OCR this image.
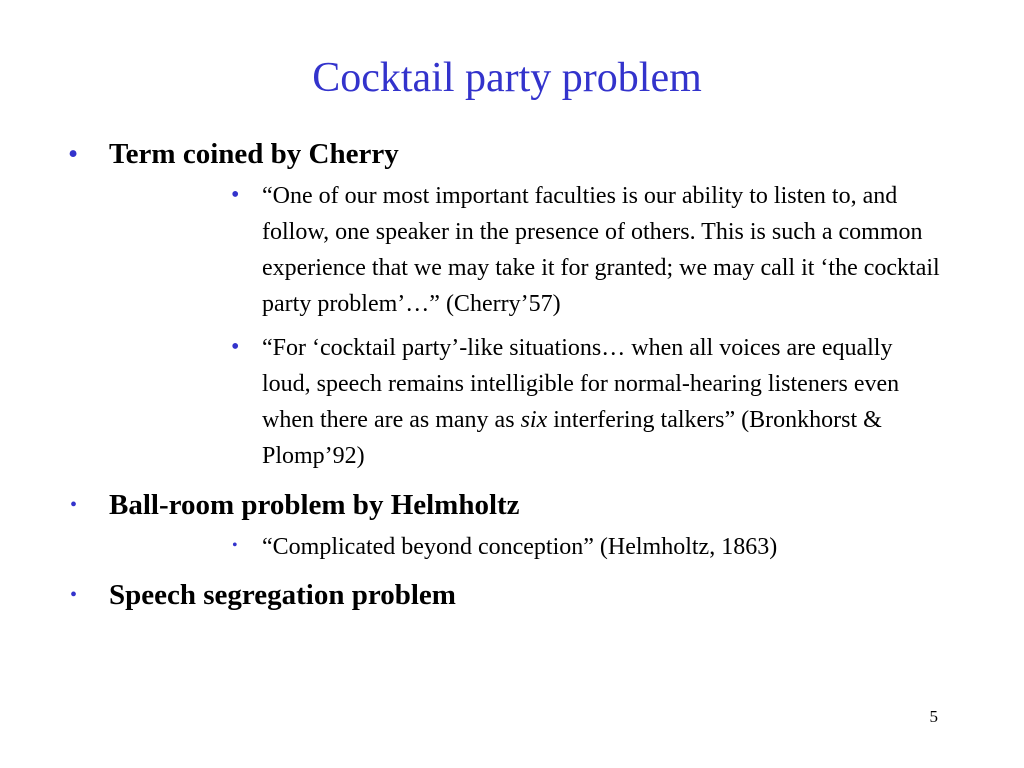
Cocktail party problem
•	Term coined by Cherry
• “One of our most important faculties is our ability to listen to, and follow, one speaker in the presence of others. This is such a common experience that we may take it for granted; we may call it ‘the cocktail party problem’…” (Cherry’57)
• “For ‘cocktail party’-like situations… when all voices are equally loud, speech remains intelligible for normal-hearing listeners even when there are as many as six interfering talkers” (Bronkhorst & Plomp’92)
•	Ball-room problem by Helmholtz
•	“Complicated beyond conception” (Helmholtz, 1863)
•	Speech segregation problem
5
